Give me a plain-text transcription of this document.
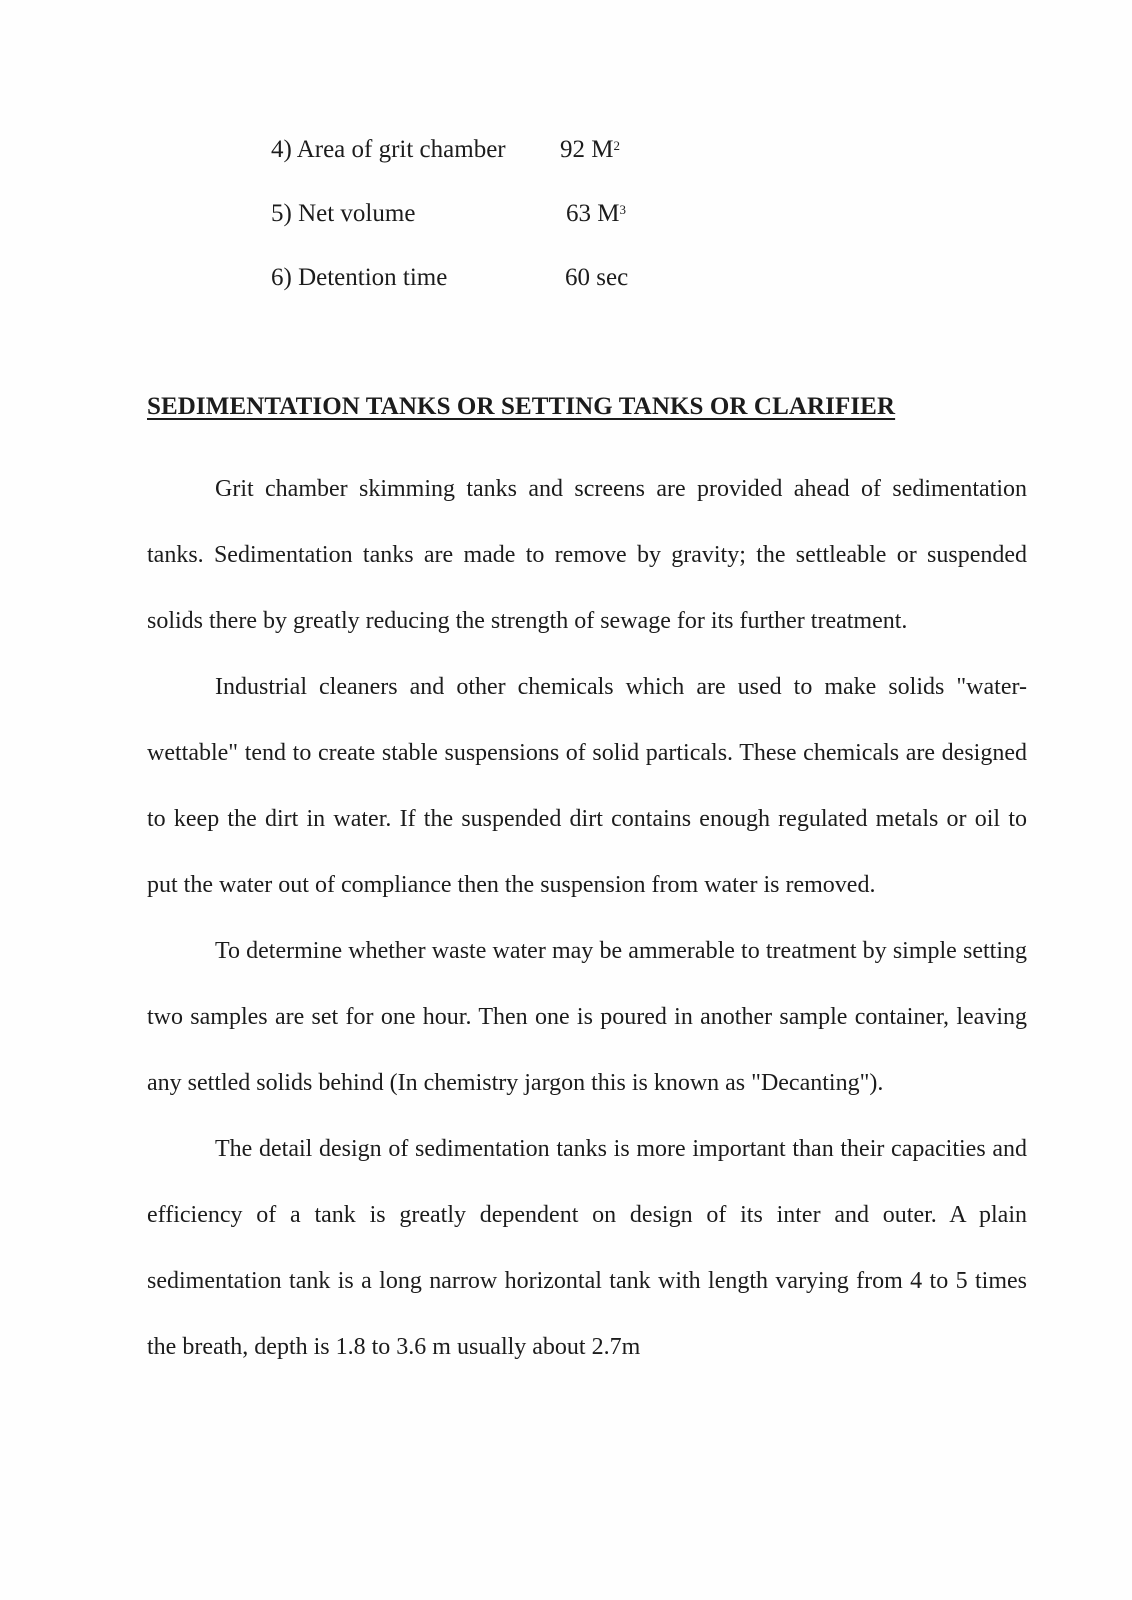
4) Area of grit chamber 92 $M^2$
5) Net volume	63 $M^3$
6) Detention time	60 sec
SEDIMENTATION TANKS OR SETTING TANKS OR CLARIFIER

Grit chamber skimming tanks and screens are provided ahead of sedimentation tanks. Sedimentation tanks are made to remove by gravity; the settleable or suspended solids there by greatly reducing the strength of sewage for its further treatment.

Industrial cleaners and other chemicals which are used to make solids "water-wettable" tend to create stable suspensions of solid particals. These chemicals are designed to keep the dirt in water. If the suspended dirt contains enough regulated metals or oil to put the water out of compliance then the suspension from water is removed.

To determine whether waste water may be ammerable to treatment by simple setting two samples are set for one hour. Then one is poured in another sample container, leaving any settled solids behind (In chemistry jargon this is known as "Decanting").

The detail design of sedimentation tanks is more important than their capacities and efficiency of a tank is greatly dependent on design of its inter and outer. A plain sedimentation tank is a long narrow horizontal tank with length varying from 4 to 5 times the breath, depth is 1.8 to 3.6 m usually about 2.7m
